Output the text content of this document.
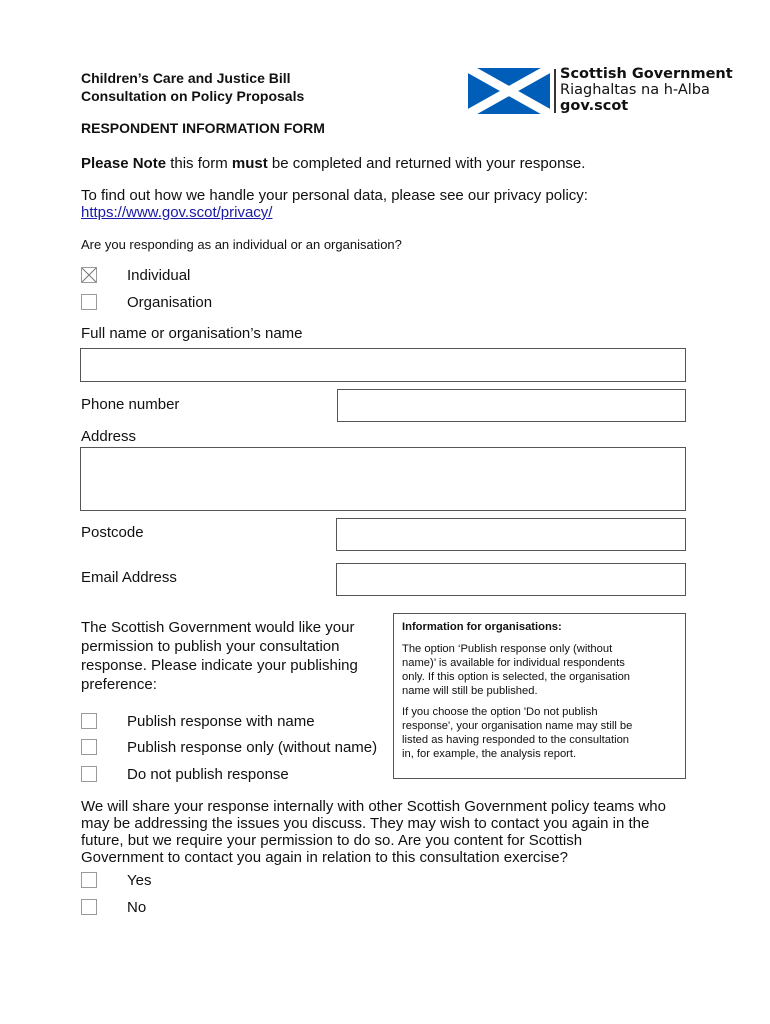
Children’s Care and Justice Bill
Consultation on Policy Proposals
Scottish Government
Riaghaltas na h-Alba
gov.scot
RESPONDENT INFORMATION FORM
Please Note this form must be completed and returned with your response.
To find out how we handle your personal data, please see our privacy policy:
https://www.gov.scot/privacy/
Are you responding as an individual or an organisation?
Individual
Organisation
Full name or organisation’s name
Phone number
Address
Postcode
Email Address
The Scottish Government would like your
permission to publish your consultation
response. Please indicate your publishing
preference:
Publish response with name
Publish response only (without name)
Do not publish response

Information for organisations:

The option ‘Publish response only (without

name)’ is available for individual respondents

only. If this option is selected, the organisation

name will still be published.

If you choose the option 'Do not publish

response', your organisation name may still be

listed as having responded to the consultation

in, for example, the analysis report.

We will share your response internally with other Scottish Government policy teams who
may be addressing the issues you discuss. They may wish to contact you again in the
future, but we require your permission to do so. Are you content for Scottish
Government to contact you again in relation to this consultation exercise?
Yes
No
